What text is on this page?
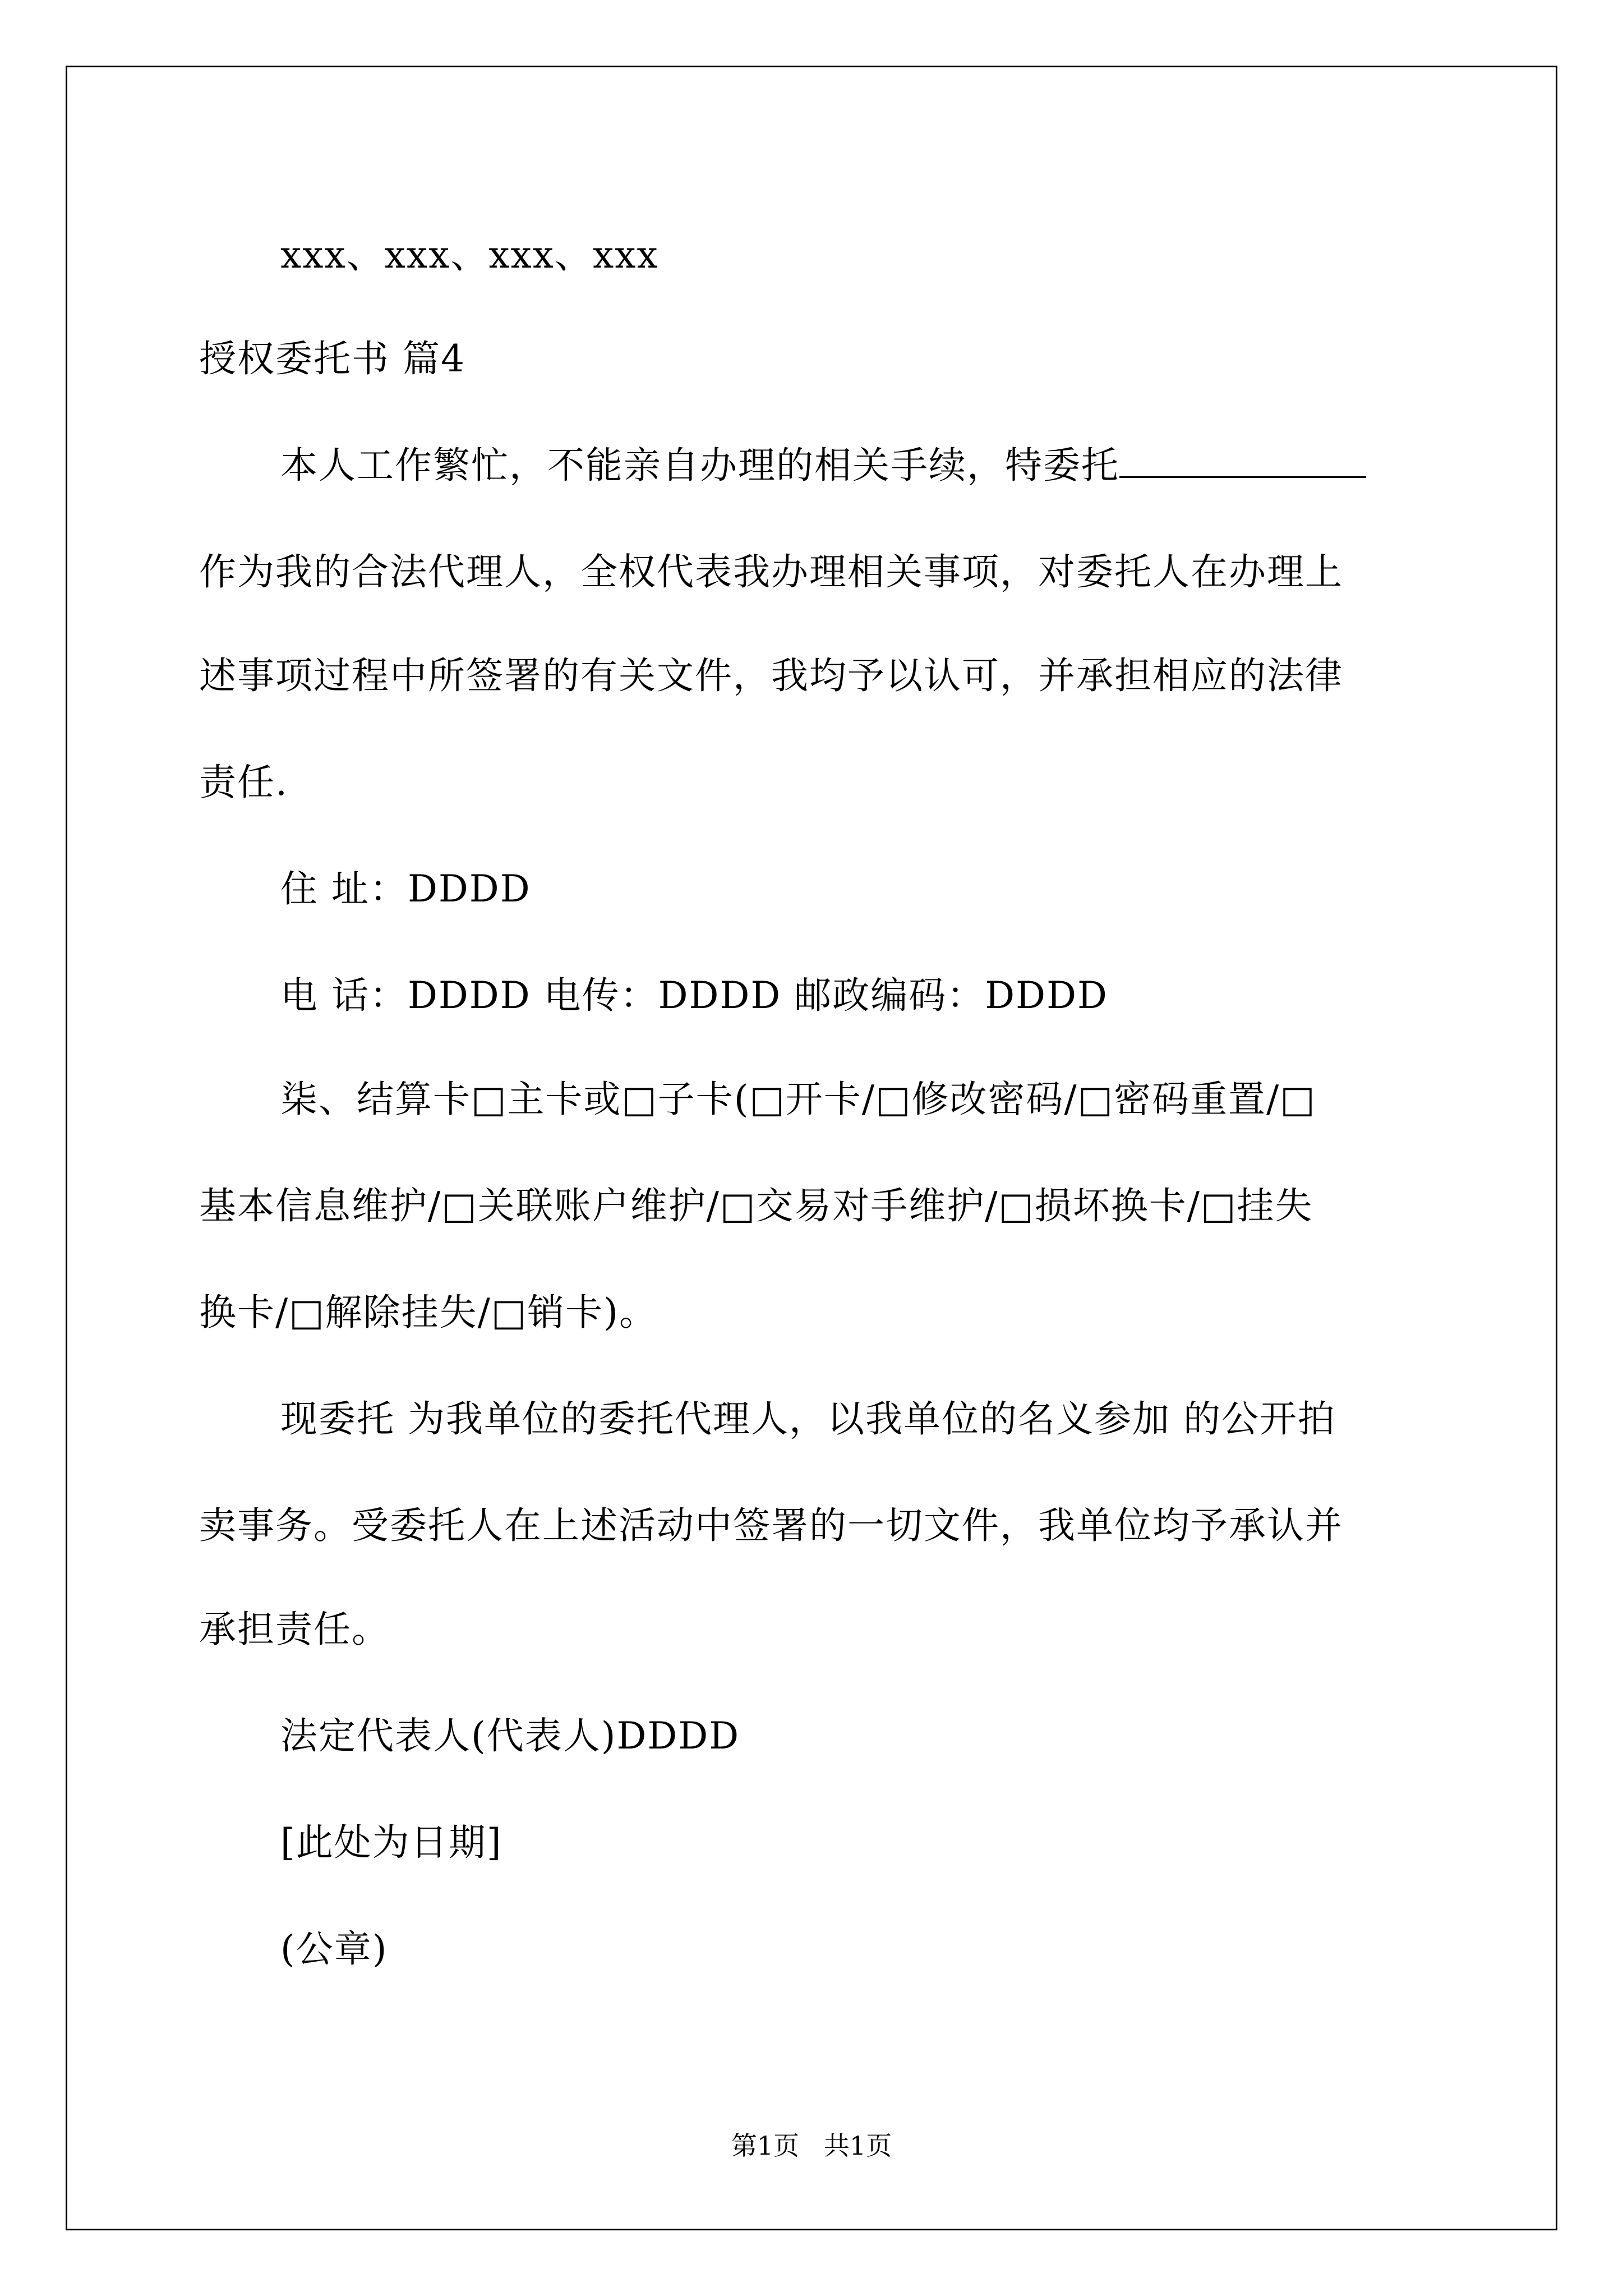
xxx、xxx、xxx、xxx
授权委托书 篇4
本人工作繁忙，不能亲自办理的相关手续，特委托
作为我的合法代理人，全权代表我办理相关事项，对委托人在办理上
述事项过程中所签署的有关文件，我均予以认可，并承担相应的法律
责任.
住 址：DDDD
电 话：DDDD 电传：DDDD 邮政编码：DDDD
柒、结算卡□主卡或□子卡(□开卡/□修改密码/□密码重置/□
基本信息维护/□关联账户维护/□交易对手维护/□损坏换卡/□挂失
换卡/□解除挂失/□销卡)。
现委托 为我单位的委托代理人，以我单位的名义参加 的公开拍
卖事务。受委托人在上述活动中签署的一切文件，我单位均予承认并
承担责任。
法定代表人(代表人)DDDD
[此处为日期]
(公章)
第1页   共1页
